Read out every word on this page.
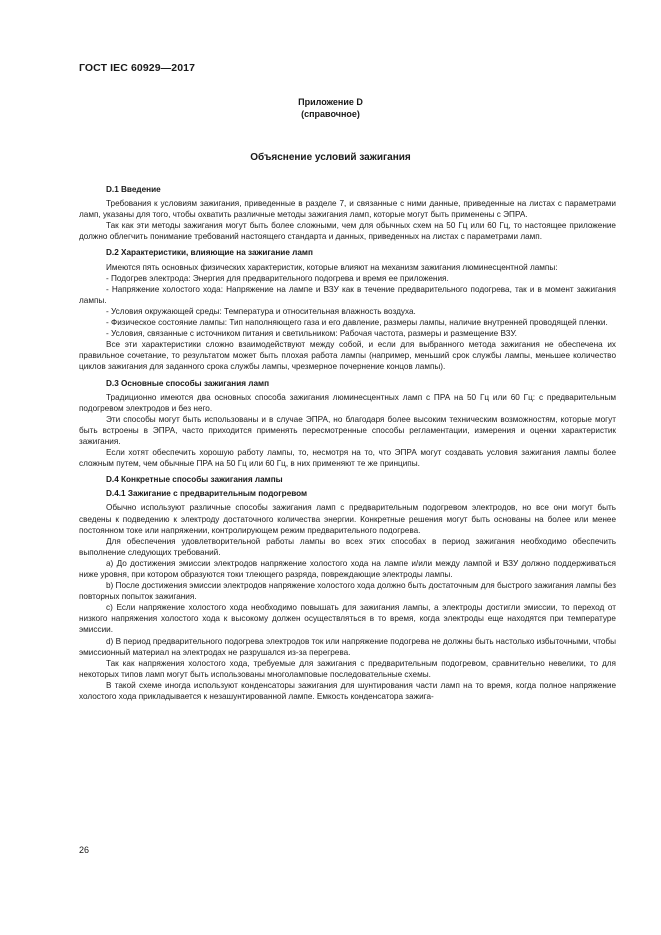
ГОСТ IEC 60929—2017
Приложение D
(справочное)
Объяснение условий зажигания
D.1 Введение

Требования к условиям зажигания, приведенные в разделе 7, и связанные с ними данные, приведенные на листах с параметрами ламп, указаны для того, чтобы охватить различные методы зажигания ламп, которые могут быть применены с ЭПРА.

Так как эти методы зажигания могут быть более сложными, чем для обычных схем на 50 Гц или 60 Гц, то настоящее приложение должно облегчить понимание требований настоящего стандарта и данных, приведенных на листах с параметрами ламп.

D.2 Характеристики, влияющие на зажигание ламп

Имеются пять основных физических характеристик, которые влияют на механизм зажигания люминесцентной лампы:

- Подогрев электрода: Энергия для предварительного подогрева и время ее приложения.

- Напряжение холостого хода: Напряжение на лампе и ВЗУ как в течение предварительного подогрева, так и в момент зажигания лампы.

- Условия окружающей среды: Температура и относительная влажность воздуха.

- Физическое состояние лампы: Тип наполняющего газа и его давление, размеры лампы, наличие внутренней проводящей пленки.

- Условия, связанные с источником питания и светильником: Рабочая частота, размеры и размещение ВЗУ.

Все эти характеристики сложно взаимодействуют между собой, и если для выбранного метода зажигания не обеспечена их правильное сочетание, то результатом может быть плохая работа лампы (например, меньший срок службы лампы, меньшее количество циклов зажигания для заданного срока службы лампы, чрезмерное почернение концов лампы).

D.3 Основные способы зажигания ламп

Традиционно имеются два основных способа зажигания люминесцентных ламп с ПРА на 50 Гц или 60 Гц: с предварительным подогревом электродов и без него.

Эти способы могут быть использованы и в случае ЭПРА, но благодаря более высоким техническим возможностям, которые могут быть встроены в ЭПРА, часто приходится применять пересмотренные способы регламентации, измерения и оценки характеристик зажигания.

Если хотят обеспечить хорошую работу лампы, то, несмотря на то, что ЭПРА могут создавать условия зажигания лампы более сложным путем, чем обычные ПРА на 50 Гц или 60 Гц, в них применяют те же принципы.

D.4 Конкретные способы зажигания лампы
D.4.1 Зажигание с предварительным подогревом

Обычно используют различные способы зажигания ламп с предварительным подогревом электродов, но все они могут быть сведены к подведению к электроду достаточного количества энергии. Конкретные решения могут быть основаны на более или менее постоянном токе или напряжении, контролирующем режим предварительного подогрева.

Для обеспечения удовлетворительной работы лампы во всех этих способах в период зажигания необходимо обеспечить выполнение следующих требований.

a) До достижения эмиссии электродов напряжение холостого хода на лампе и/или между лампой и ВЗУ должно поддерживаться ниже уровня, при котором образуются токи тлеющего разряда, повреждающие электроды лампы.

b) После достижения эмиссии электродов напряжение холостого хода должно быть достаточным для быстрого зажигания лампы без повторных попыток зажигания.

c) Если напряжение холостого хода необходимо повышать для зажигания лампы, а электроды достигли эмиссии, то переход от низкого напряжения холостого хода к высокому должен осуществляться в то время, когда электроды еще находятся при температуре эмиссии.

d) В период предварительного подогрева электродов ток или напряжение подогрева не должны быть настолько избыточными, чтобы эмиссионный материал на электродах не разрушался из-за перегрева.

Так как напряжения холостого хода, требуемые для зажигания с предварительным подогревом, сравнительно невелики, то для некоторых типов ламп могут быть использованы многоламповые последовательные схемы.

В такой схеме иногда используют конденсаторы зажигания для шунтирования части ламп на то время, когда полное напряжение холостого хода прикладывается к незашунтированной лампе. Емкость конденсатора зажига-

26
